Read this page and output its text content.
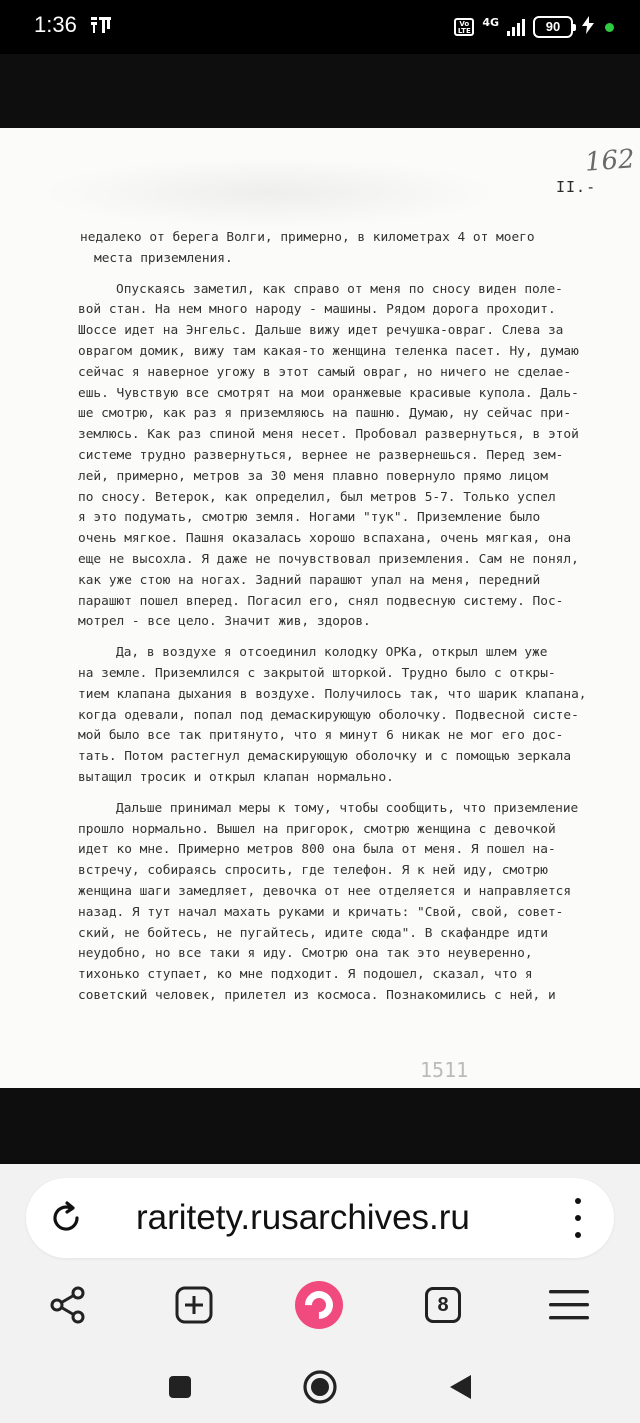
1:36	Vo LTE
4G	90
162
II.-
недалеко от берега Волги, примерно, в километрах 4 от моего
места приземления.
Опускаясь заметил, как справо от меня по сносу виден поле-
вой стан. На нем много народу - машины. Рядом дорога проходит.
Шоссе идет на Энгельс. Дальше вижу идет речушка-овраг. Слева за
оврагом домик, вижу там какая-то женщина теленка пасет. Ну, думаю
сейчас я наверное угожу в этот самый овраг, но ничего не сделае-
ешь. Чувствую все смотрят на мои оранжевые красивые купола. Даль-
ше смотрю, как раз я приземляюсь на пашню. Думаю, ну сейчас при-
землюсь. Как раз спиной меня несет. Пробовал развернуться, в этой
системе трудно развернуться, вернее не развернешься. Перед зем-
лей, примерно, метров за 30 меня плавно повернуло прямо лицом
по сносу. Ветерок, как определил, был метров 5-7. Только успел
я это подумать, смотрю земля. Ногами "тук". Приземление было
очень мягкое. Пашня оказалась хорошо вспахана, очень мягкая, она
еще не высохла. Я даже не почувствовал приземления. Сам не понял,
как уже стою на ногах. Задний парашют упал на меня, передний
парашют пошел вперед. Погасил его, снял подвесную систему. Пос-
мотрел - все цело. Значит жив, здоров.
Да, в воздухе я отсоединил колодку ОРКа, открыл шлем уже
на земле. Приземлился с закрытой шторкой. Трудно было с откры-
тием клапана дыхания в воздухе. Получилось так, что шарик клапана,
когда одевали, попал под демаскирующую оболочку. Подвесной систе-
мой было все так притянуто, что я минут 6 никак не мог его дос-
тать. Потом растегнул демаскирующую оболочку и с помощью зеркала
вытащил тросик и открыл клапан нормально.
Дальше принимал меры к тому, чтобы сообщить, что приземление
прошло нормально. Вышел на пригорок, смотрю женщина с девочкой
идет ко мне. Примерно метров 800 она была от меня. Я пошел на-
встречу, собираясь спросить, где телефон. Я к ней иду, смотрю
женщина шаги замедляет, девочка от нее отделяется и направляется
назад. Я тут начал махать руками и кричать: "Свой, свой, совет-
ский, не бойтесь, не пугайтесь, идите сюда". В скафандре идти
неудобно, но все таки я иду. Смотрю она так это неуверенно,
тихонько ступает, ко мне подходит. Я подошел, сказал, что я
советский человек, прилетел из космоса. Познакомились с ней, и
1511
raritety.rusarchives.ru
8
